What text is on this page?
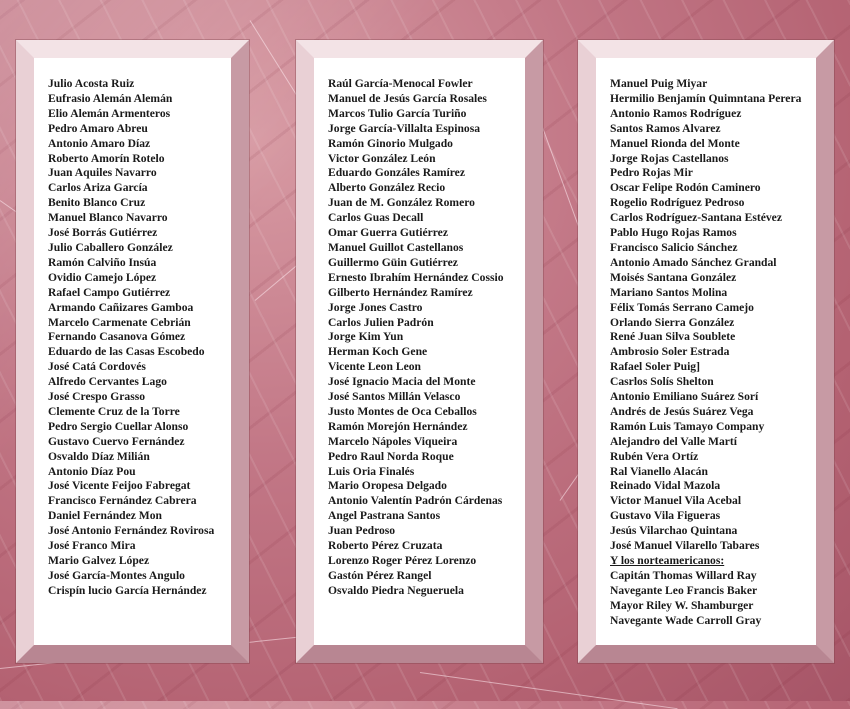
Julio Acosta Ruiz
Eufrasio Alemán Alemán
Elio Alemán Armenteros
Pedro Amaro Abreu
Antonio Amaro Díaz
Roberto Amorín Rotelo
Juan Aquiles Navarro
Carlos Ariza García
Benito Blanco Cruz
Manuel Blanco Navarro
José Borrás Gutiérrez
Julio Caballero González
Ramón Calviño Insúa
Ovidio Camejo López
Rafael Campo Gutiérrez
Armando Cañizares Gamboa
Marcelo Carmenate Cebrián
Fernando Casanova Gómez
Eduardo de las Casas Escobedo
José Catá Cordovés
Alfredo Cervantes Lago
José Crespo Grasso
Clemente Cruz de la Torre
Pedro Sergio Cuellar Alonso
Gustavo Cuervo Fernández
Osvaldo Díaz Milián
Antonio Díaz Pou
José Vicente Feijoo Fabregat
Francisco Fernández Cabrera
Daniel Fernández Mon
José Antonio Fernández Rovirosa
José Franco Mira
Mario Galvez López
José García-Montes Angulo
Crispín lucio García Hernández
Raúl García-Menocal Fowler
Manuel de Jesús García Rosales
Marcos Tulio García Turiño
Jorge García-Villalta Espinosa
Ramón Ginorio Mulgado
Victor González León
Eduardo Gonzáles Ramírez
Alberto González Recio
Juan de M. González Romero
Carlos Guas Decall
Omar Guerra Gutiérrez
Manuel Guillot Castellanos
Guillermo Güin Gutiérrez
Ernesto Ibrahím Hernández Cossio
Gilberto Hernández Ramírez
Jorge Jones Castro
Carlos Julien Padrón
Jorge Kim Yun
Herman Koch Gene
Vicente Leon Leon
José Ignacio Macia del Monte
José Santos Millán Velasco
Justo Montes de Oca Ceballos
Ramón Morejón Hernández
Marcelo Nápoles Viqueira
Pedro Raul Norda Roque
Luis Oria Finalés
Mario Oropesa Delgado
Antonio Valentín Padrón Cárdenas
Angel Pastrana Santos
Juan Pedroso
Roberto Pérez Cruzata
Lorenzo Roger Pérez Lorenzo
Gastón Pérez Rangel
Osvaldo Piedra Negueruela
Manuel Puig Miyar
Hermilio Benjamín Quimntana Perera
Antonio Ramos Rodríguez
Santos Ramos Alvarez
Manuel Rionda del Monte
Jorge Rojas Castellanos
Pedro Rojas Mir
Oscar Felipe Rodón Caminero
Rogelio Rodríguez Pedroso
Carlos Rodríguez-Santana Estévez
Pablo Hugo Rojas Ramos
Francisco Salicio Sánchez
Antonio Amado Sánchez Grandal
Moisés Santana González
Mariano Santos Molina
Félix Tomás Serrano Camejo
Orlando Sierra González
René Juan Silva Soublete
Ambrosio Soler Estrada
Rafael Soler Puig]
Casrlos Solís Shelton
Antonio Emiliano Suárez Sorí
Andrés de Jesús Suárez Vega
Ramón Luis Tamayo Company
Alejandro del Valle Martí
Rubén Vera Ortíz
Ral Vianello Alacán
Reinado Vidal Mazola
Victor Manuel Vila Acebal
Gustavo Vila Figueras
Jesús Vilarchao Quintana
José Manuel Vilarello Tabares
Y los norteamericanos:
Capitán Thomas Willard Ray
Navegante Leo Francis Baker
Mayor Riley W. Shamburger
Navegante Wade Carroll Gray
